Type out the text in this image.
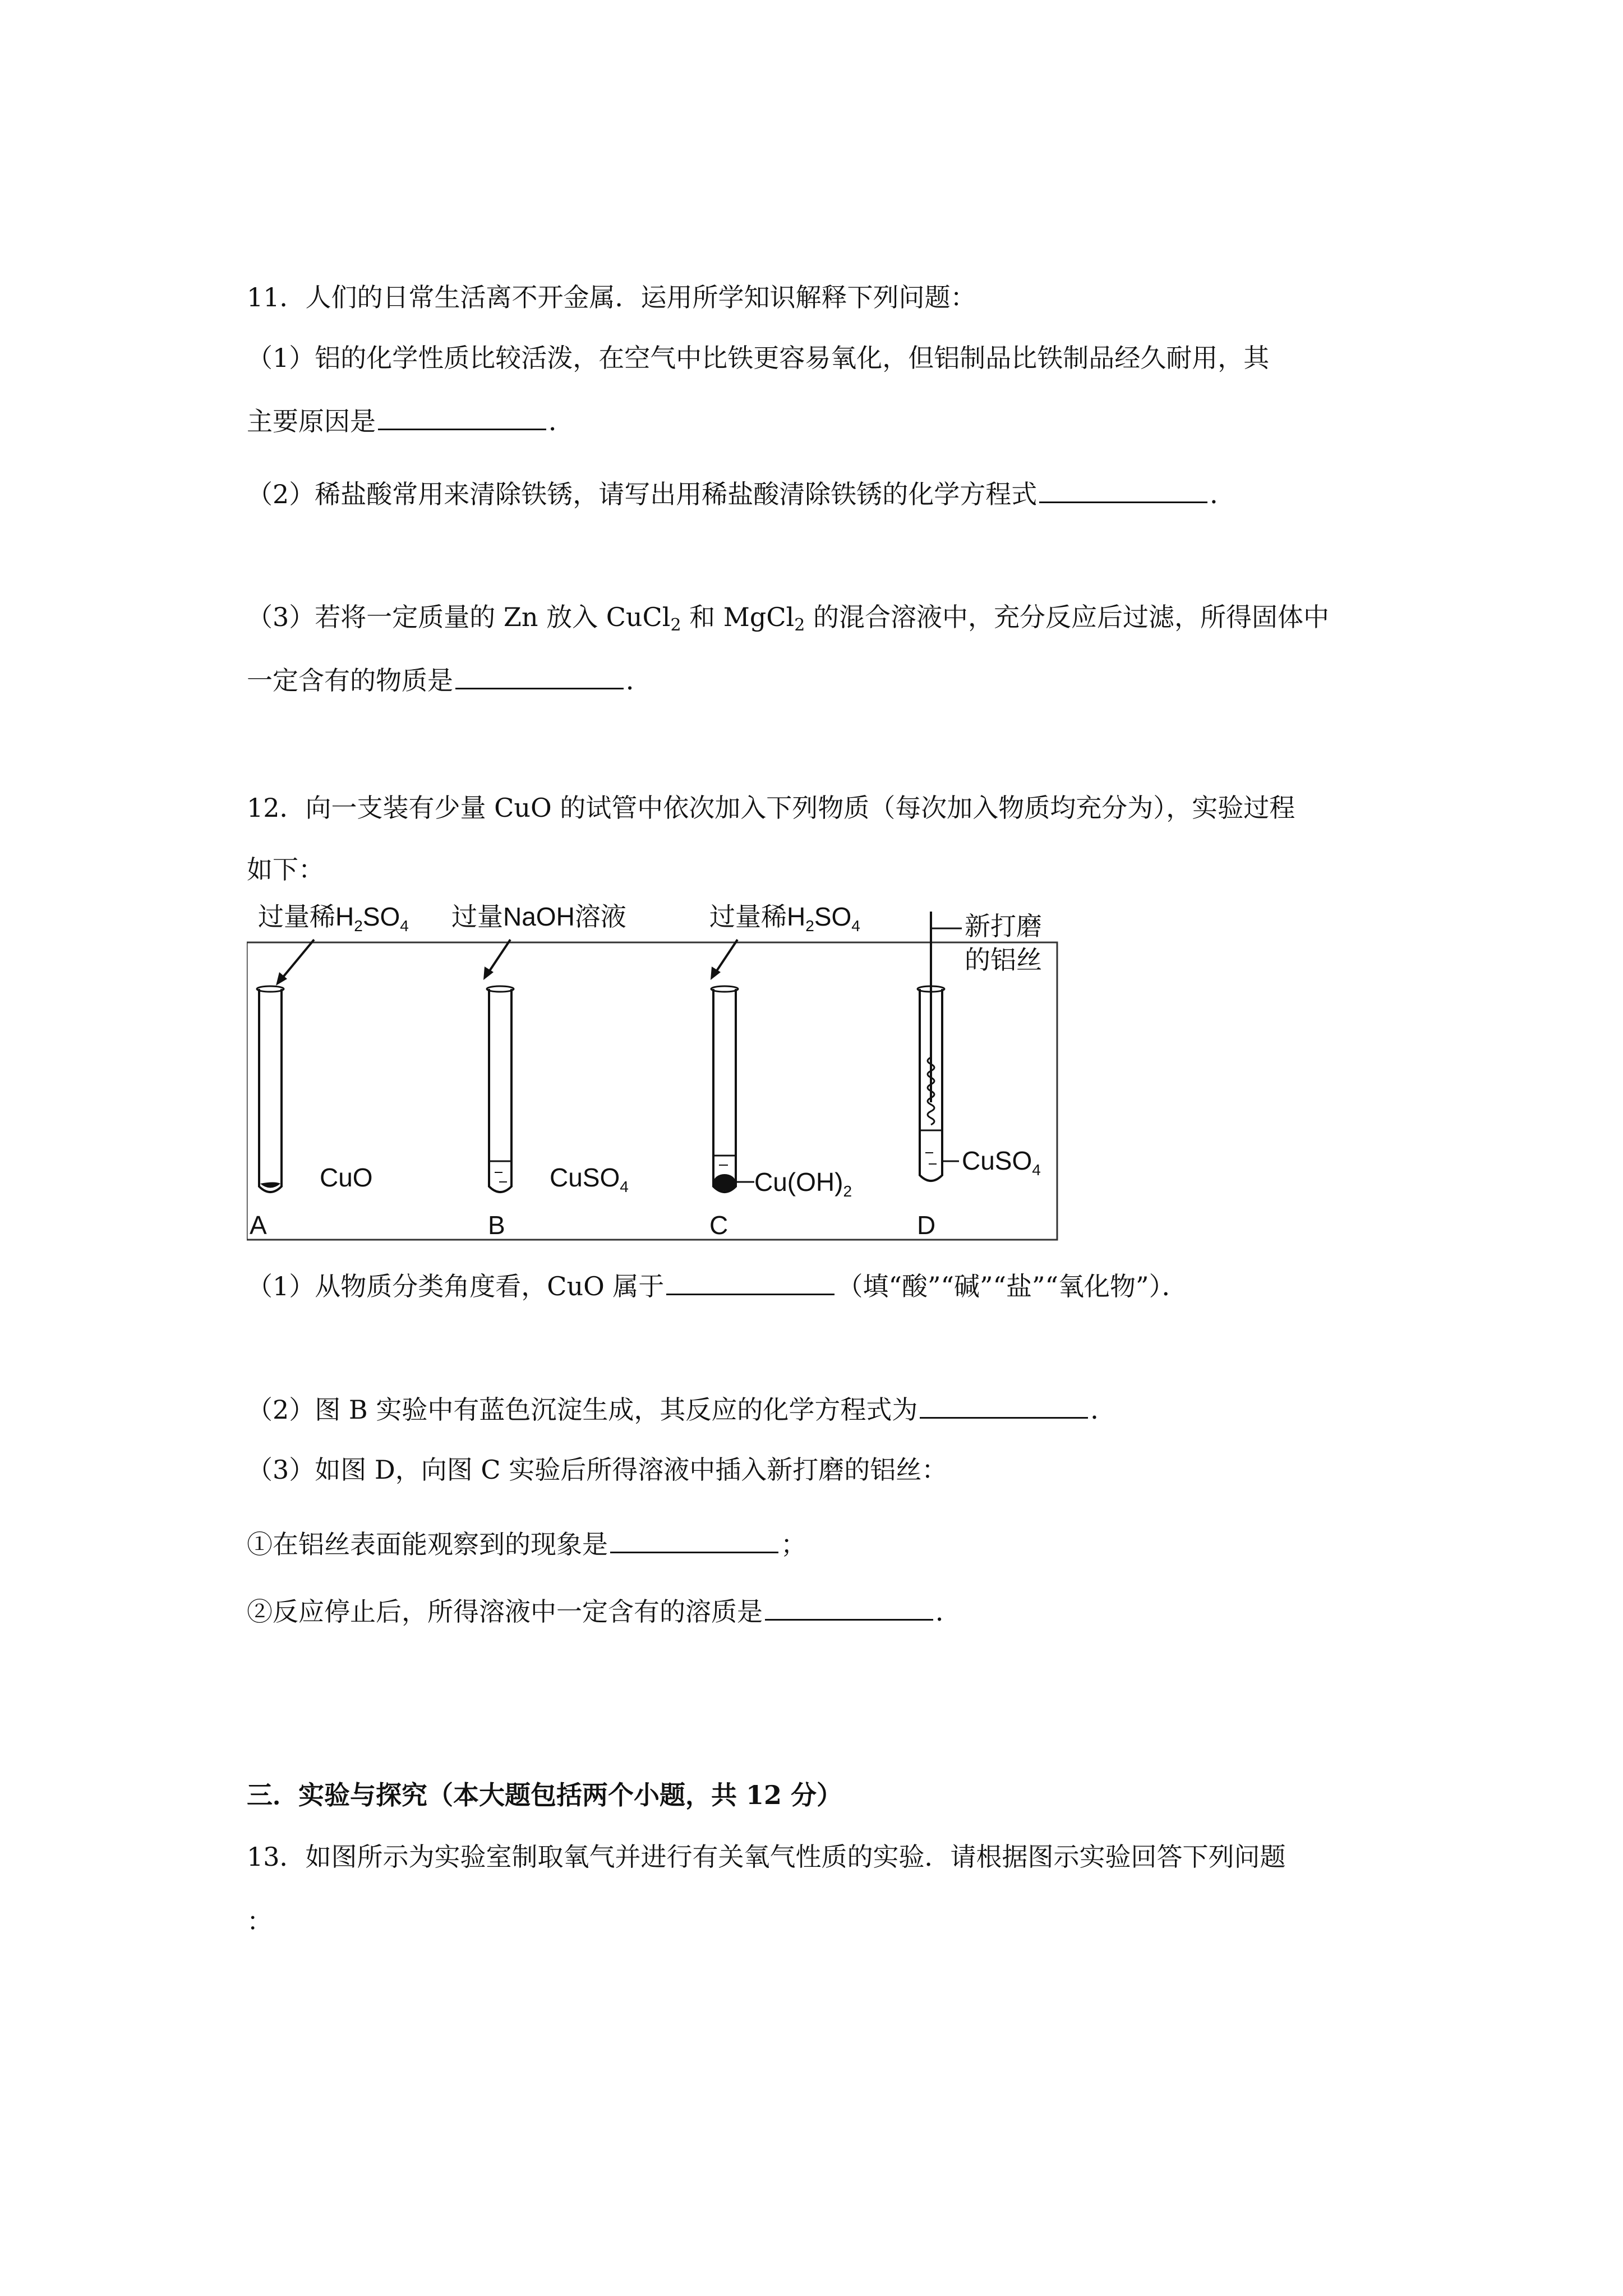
11．人们的日常生活离不开金属．运用所学知识解释下列问题：
（1）铝的化学性质比较活泼，在空气中比铁更容易氧化，但铝制品比铁制品经久耐用，其
主要原因是	．
（2）稀盐酸常用来清除铁锈，请写出用稀盐酸清除铁锈的化学方程式	．
（3）若将一定质量的 Zn 放入 CuCl$_2$ 和 MgCl$_2$ 的混合溶液中，充分反应后过滤，所得固体中
一定含有的物质是	．
12．向一支装有少量 CuO 的试管中依次加入下列物质（每次加入物质均充分为），实验过程
如下：
过量稀$H_2SO_4$
CuO
A
过量NaOH溶液
CuSO$_4$
B
过量稀$H_2SO_4$
$Cu(OH)_2$
C
新打磨
的铝丝
CuSO$_4$
D
（1）从物质分类角度看，CuO 属于	（填“酸”“碱”“盐”“氧化物”）．
（2）图 B 实验中有蓝色沉淀生成，其反应的化学方程式为	．
（3）如图 D，向图 C 实验后所得溶液中插入新打磨的铝丝：
①在铝丝表面能观察到的现象是	；
②反应停止后，所得溶液中一定含有的溶质是	．
三．实验与探究（本大题包括两个小题，共 12 分）
13．如图所示为实验室制取氧气并进行有关氧气性质的实验．请根据图示实验回答下列问题
：
